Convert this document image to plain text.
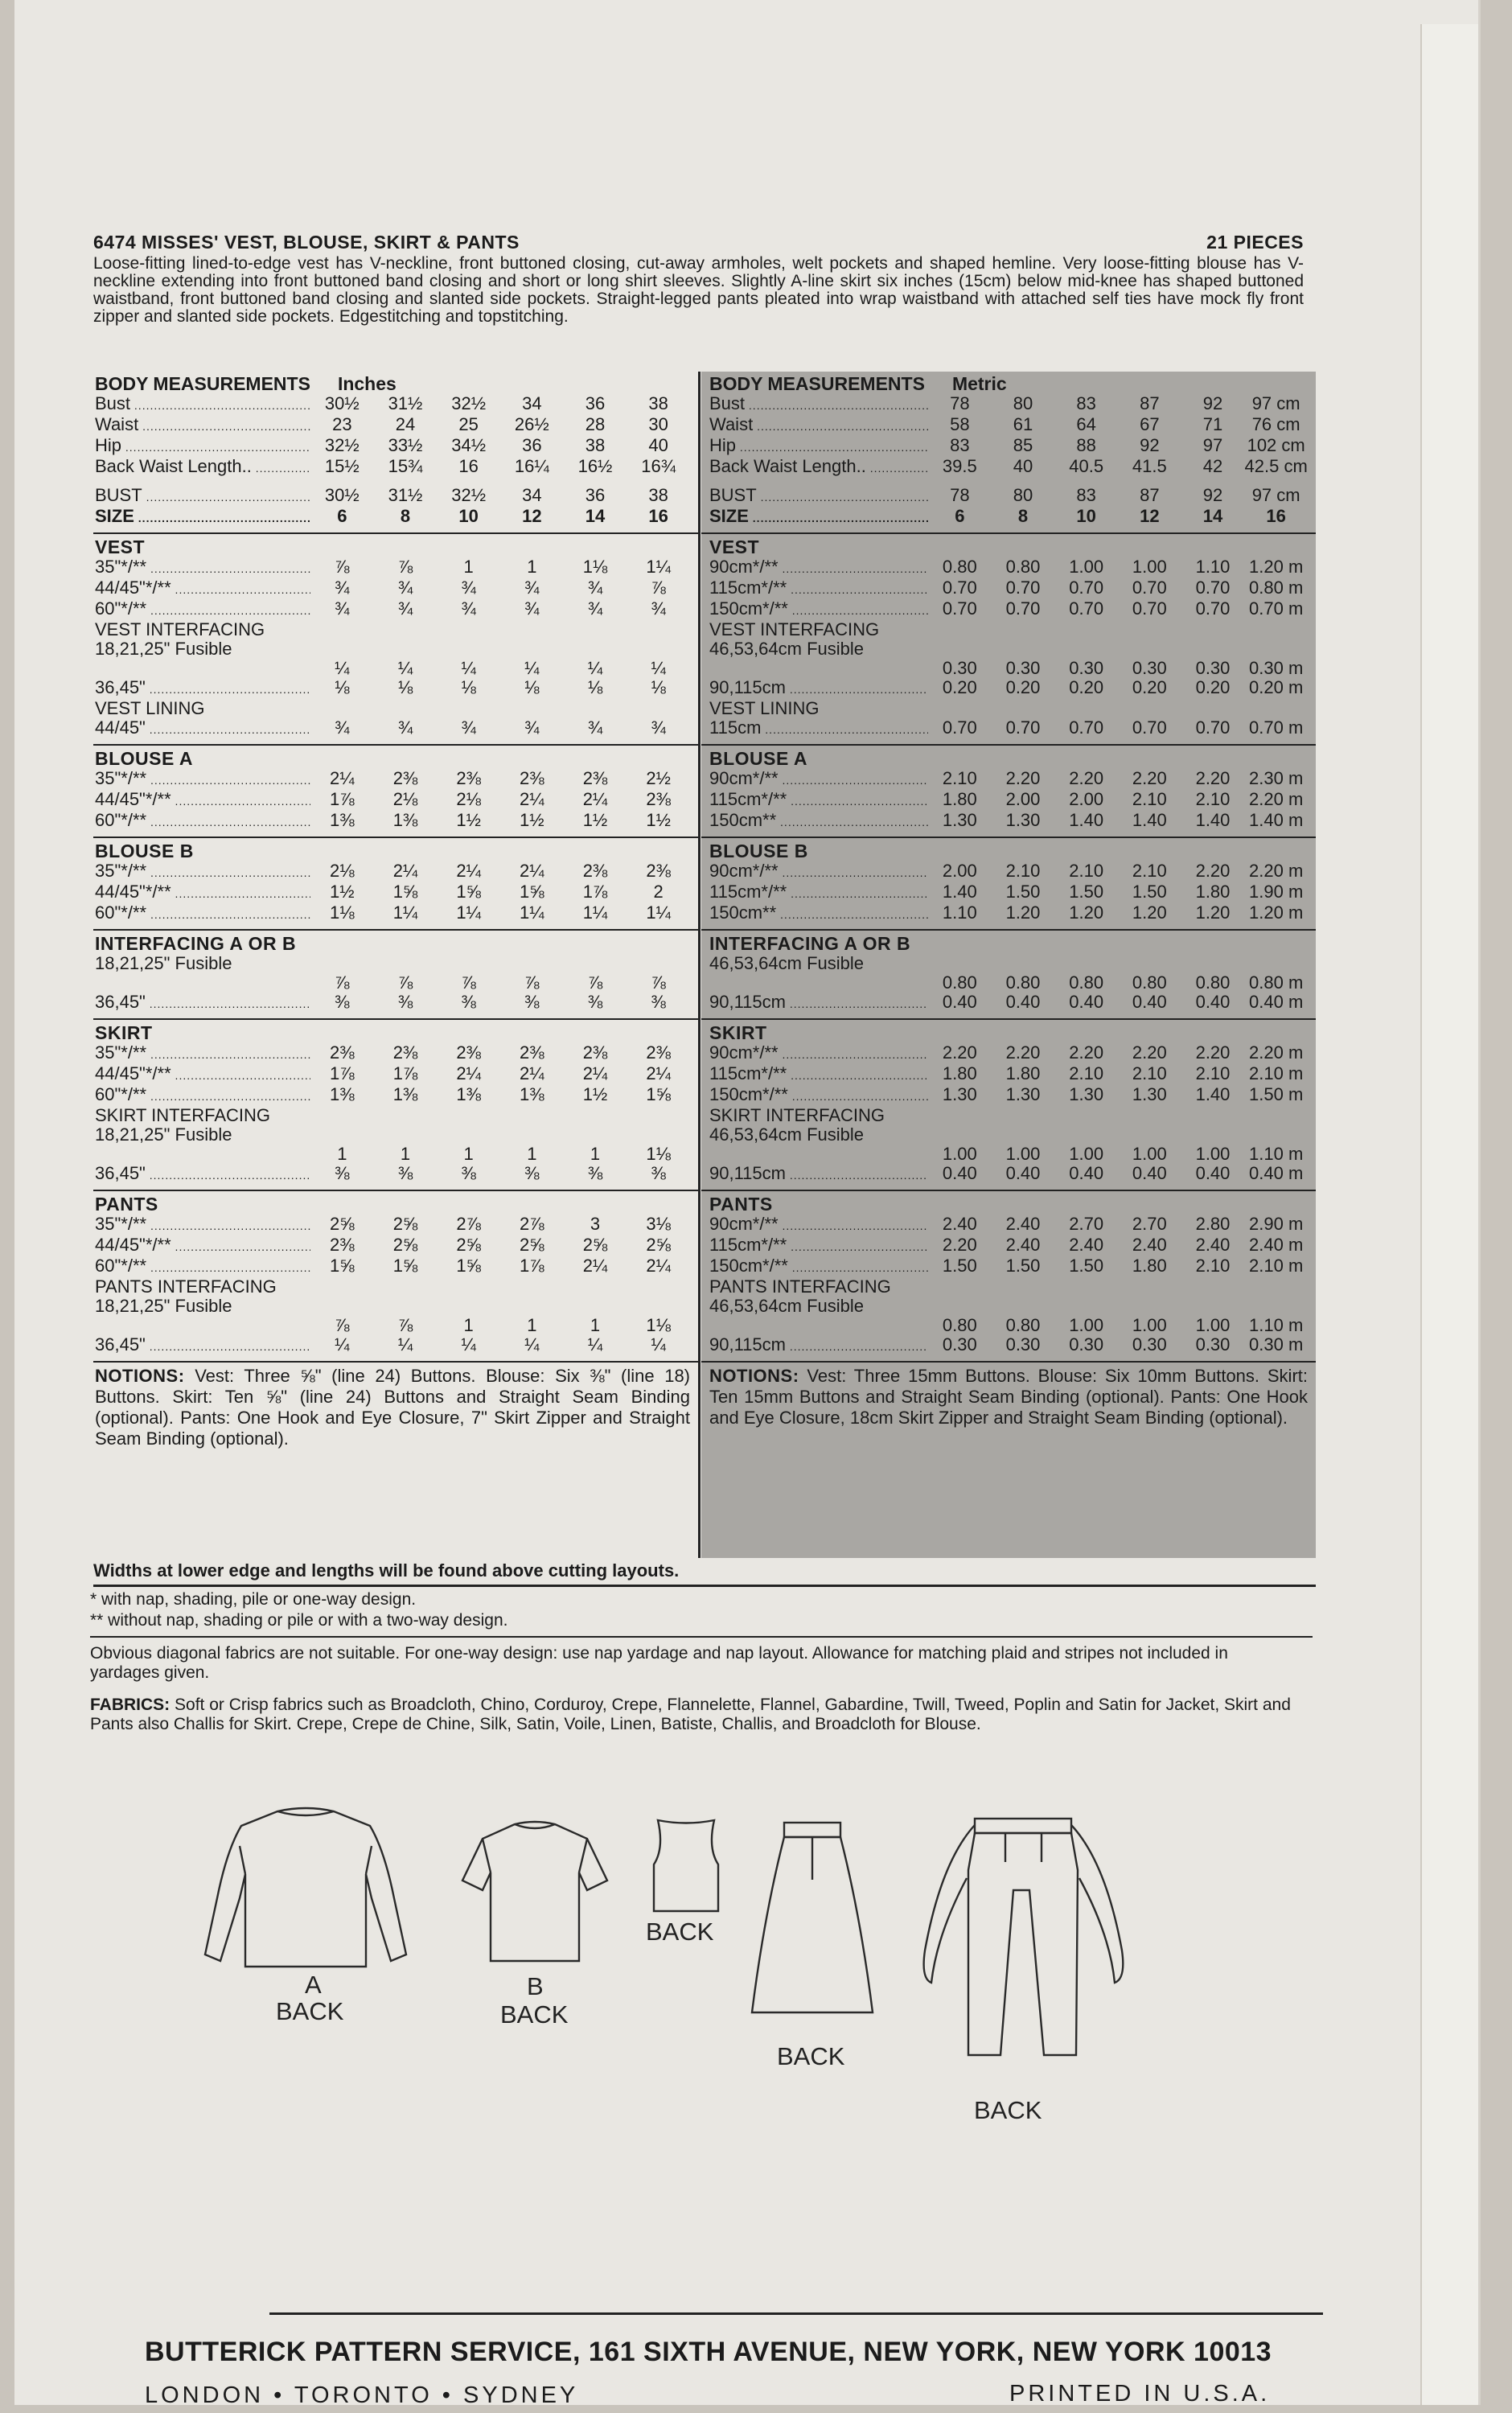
6474 MISSES' VEST, BLOUSE, SKIRT & PANTS	21 PIECES
Loose-fitting lined-to-edge vest has V-neckline, front buttoned closing, cut-away armholes, welt pockets and shaped hemline. Very loose-fitting blouse has V-neckline extending into front buttoned band closing and short or long shirt sleeves. Slightly A-line skirt six inches (15cm) below mid-knee has shaped buttoned waistband, front buttoned band closing and slanted side pockets. Straight-legged pants pleated into wrap waistband with attached self ties have mock fly front zipper and slanted side pockets. Edgestitching and topstitching.
BODY MEASUREMENTS Inches
Bust .....	30½	31½	32½	34	36	38
Waist .....	23	24	25	26½	28	30
Hip .....	32½	33½	34½	36	38	40
Back Waist Length.. .....	15½	15¾	16	16¼	16½	16¾
BUST .....	30½	31½	32½	34	36	38
SIZE .....	6	8	10	12	14	16
VEST
35"*/** .....	⅞	⅞	1	1	1⅛	1¼
44/45"*/** .....	¾	¾	¾	¾	¾	⅞
60"*/** .....	¾	¾	¾	¾	¾	¾
VEST INTERFACING
18,21,25" Fusible
¼	¼	¼	¼	¼	¼
36,45" .....	⅛	⅛	⅛	⅛	⅛	⅛
VEST LINING
44/45" .....	¾	¾	¾	¾	¾	¾
BLOUSE A
35"*/** .....	2¼	2⅜	2⅜	2⅜	2⅜	2½
44/45"*/** .....	1⅞	2⅛	2⅛	2¼	2¼	2⅜
60"*/** .....	1⅜	1⅜	1½	1½	1½	1½
BLOUSE B
35"*/** .....	2⅛	2¼	2¼	2¼	2⅜	2⅜
44/45"*/** .....	1½	1⅝	1⅝	1⅝	1⅞	2
60"*/** .....	1⅛	1¼	1¼	1¼	1¼	1¼
INTERFACING A OR B
18,21,25" Fusible
⅞	⅞	⅞	⅞	⅞	⅞
36,45" .....	⅜	⅜	⅜	⅜	⅜	⅜
SKIRT
35"*/** .....	2⅜	2⅜	2⅜	2⅜	2⅜	2⅜
44/45"*/** .....	1⅞	1⅞	2¼	2¼	2¼	2¼
60"*/** .....	1⅜	1⅜	1⅜	1⅜	1½	1⅝
SKIRT INTERFACING
18,21,25" Fusible
1	1	1	1	1	1⅛
36,45" .....	⅜	⅜	⅜	⅜	⅜	⅜
PANTS
35"*/** .....	2⅝	2⅝	2⅞	2⅞	3	3⅛
44/45"*/** .....	2⅜	2⅝	2⅝	2⅝	2⅝	2⅝
60"*/** .....	1⅝	1⅝	1⅝	1⅞	2¼	2¼
PANTS INTERFACING
18,21,25" Fusible
⅞	⅞	1	1	1	1⅛
36,45" .....	¼	¼	¼	¼	¼	¼
NOTIONS: Vest: Three ⅝" (line 24) Buttons. Blouse: Six ⅜" (line 18) Buttons. Skirt: Ten ⅝" (line 24) Buttons and Straight Seam Binding (optional). Pants: One Hook and Eye Closure, 7" Skirt Zipper and Straight Seam Binding (optional).
BODY MEASUREMENTS Metric
Bust .....	78	80	83	87	92	97 cm
Waist .....	58	61	64	67	71	76 cm
Hip .....	83	85	88	92	97	102 cm
Back Waist Length.. .....	39.5	40	40.5	41.5	42	42.5 cm
BUST .....	78	80	83	87	92	97 cm
SIZE .....	6	8	10	12	14	16
VEST
90cm*/** .....	0.80	0.80	1.00	1.00	1.10	1.20 m
115cm*/** .....	0.70	0.70	0.70	0.70	0.70	0.80 m
150cm*/** .....	0.70	0.70	0.70	0.70	0.70	0.70 m
VEST INTERFACING
46,53,64cm Fusible
0.30	0.30	0.30	0.30	0.30	0.30 m
90,115cm .....	0.20	0.20	0.20	0.20	0.20	0.20 m
VEST LINING
115cm .....	0.70	0.70	0.70	0.70	0.70	0.70 m
BLOUSE A
90cm*/** .....	2.10	2.20	2.20	2.20	2.20	2.30 m
115cm*/** .....	1.80	2.00	2.00	2.10	2.10	2.20 m
150cm** .....	1.30	1.30	1.40	1.40	1.40	1.40 m
BLOUSE B
90cm*/** .....	2.00	2.10	2.10	2.10	2.20	2.20 m
115cm*/** .....	1.40	1.50	1.50	1.50	1.80	1.90 m
150cm** .....	1.10	1.20	1.20	1.20	1.20	1.20 m
INTERFACING A OR B
46,53,64cm Fusible
0.80	0.80	0.80	0.80	0.80	0.80 m
90,115cm .....	0.40	0.40	0.40	0.40	0.40	0.40 m
SKIRT
90cm*/** .....	2.20	2.20	2.20	2.20	2.20	2.20 m
115cm*/** .....	1.80	1.80	2.10	2.10	2.10	2.10 m
150cm*/** .....	1.30	1.30	1.30	1.30	1.40	1.50 m
SKIRT INTERFACING
46,53,64cm Fusible
1.00	1.00	1.00	1.00	1.00	1.10 m
90,115cm .....	0.40	0.40	0.40	0.40	0.40	0.40 m
PANTS
90cm*/** .....	2.40	2.40	2.70	2.70	2.80	2.90 m
115cm*/** .....	2.20	2.40	2.40	2.40	2.40	2.40 m
150cm*/** .....	1.50	1.50	1.50	1.80	2.10	2.10 m
PANTS INTERFACING
46,53,64cm Fusible
0.80	0.80	1.00	1.00	1.00	1.10 m
90,115cm .....	0.30	0.30	0.30	0.30	0.30	0.30 m
NOTIONS: Vest: Three 15mm Buttons. Blouse: Six 10mm Buttons. Skirt: Ten 15mm Buttons and Straight Seam Binding (optional). Pants: One Hook and Eye Closure, 18cm Skirt Zipper and Straight Seam Binding (optional).
Widths at lower edge and lengths will be found above cutting layouts.
* with nap, shading, pile or one-way design.
** without nap, shading or pile or with a two-way design.
Obvious diagonal fabrics are not suitable. For one-way design: use nap yardage and nap layout. Allowance for matching plaid and stripes not included in yardages given.
FABRICS: Soft or Crisp fabrics such as Broadcloth, Chino, Corduroy, Crepe, Flannelette, Flannel, Gabardine, Twill, Tweed, Poplin and Satin for Jacket, Skirt and Pants also Challis for Skirt. Crepe, Crepe de Chine, Silk, Satin, Voile, Linen, Batiste, Challis, and Broadcloth for Blouse.
A
BACK
B
BACK
BACK
BACK
BACK
BUTTERICK PATTERN SERVICE, 161 SIXTH AVENUE, NEW YORK, NEW YORK 10013
LONDON • TORONTO • SYDNEY	PRINTED IN U.S.A.
